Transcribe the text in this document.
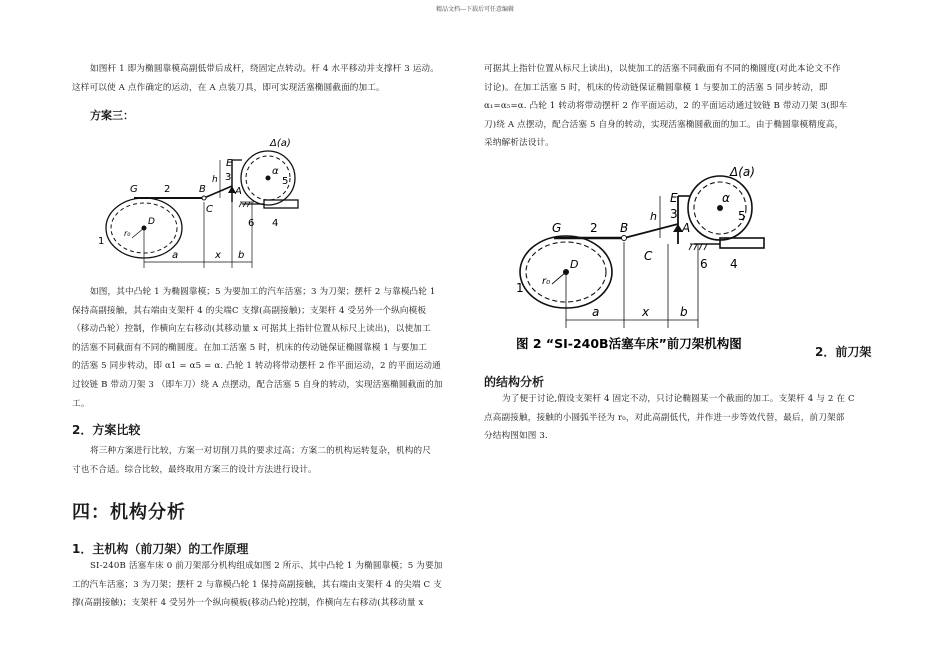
精品文档---下载后可任意编辑
如图杆 1 即为椭圆靠模高副低带后成杆，绕固定点转动。杆 4 水平移动并支撑杆 3 运动。
这样可以使 A 点作确定的运动，在 A 点装刀具，即可实现活塞椭圆截面的加工。
方案三：
G	2	B
C
D
r₀
1
E
3
h
A
Δ(a)
α
5
6 4
a	x b
如图，其中凸轮 1 为椭圆靠模；5 为要加工的汽车活塞；3 为刀架；摆杆 2 与靠模凸轮 1
保持高副接触，其右端由支架杆 4 的尖端C 支撑(高副接触)；支架杆 4 受另外一个纵向模板
（移动凸轮）控制，作横向左右移动(其移动量 x 可据其上指针位置从标尺上读出)，以使加工
的活塞不同截面有不同的椭圆度。在加工活塞 5 时，机床的传动链保证椭圆靠模 1 与要加工
的活塞 5 同步转动，即 α1 = α5 = α. 凸轮 1 转动将带动摆杆 2 作平面运动，2 的平面运动通
过铰链 B 带动刀架 3 （即车刀）绕 A 点摆动，配合活塞 5 自身的转动，实现活塞椭圆截面的加
工。
2．方案比较
将三种方案进行比较，方案一对切削刀具的要求过高；方案二的机构运转复杂，机构的尺
寸也不合适。综合比较，最终取用方案三的设计方法进行设计。
四：机构分析
1．主机构（前刀架）的工作原理
SI-240B 活塞车床 0 前刀架部分机构组成如图 2 所示、其中凸轮 1 为椭圆靠模；5 为要加
工的汽车活塞；3 为刀架；摆杆 2 与靠模凸轮 1 保持高副接触，其右端由支架杆 4 的尖端 C 支
撑(高副接触)；支架杆 4 受另外一个纵向模板(移动凸轮)控制，作横向左右移动(其移动量 x
可据其上指针位置从标尺上读出)，以使加工的活塞不同截面有不同的椭圆度(对此本论文不作
讨论)。在加工活塞 5 时，机床的传动链保证椭圆靠模 1 与要加工的活塞 5 同步转动，即
α₁=α₅=α. 凸轮 1 转动将带动摆杆 2 作平面运动，2 的平面运动通过铰链 B 带动刀架 3(即车
刀)绕 A 点摆动，配合活塞 5 自身的转动，实现活塞椭圆截面的加工。由于椭圆靠模精度高，
采纳解析法设计。
G 2 B
C
D
r₀
1
E
3
h
A
Δ(a)
α
5
6 4
a	x	b
图 2 “SI-240B活塞车床”前刀架机构图
2．前刀架
的结构分析
为了便于讨论,假设支架杆 4 固定不动，只讨论椭圆某一个截面的加工。支架杆 4 与 2 在 C
点高副接触，接触的小圆弧半径为 r₀，对此高副低代，并作进一步等效代替，最后，前刀架部
分结构图如图 3.
